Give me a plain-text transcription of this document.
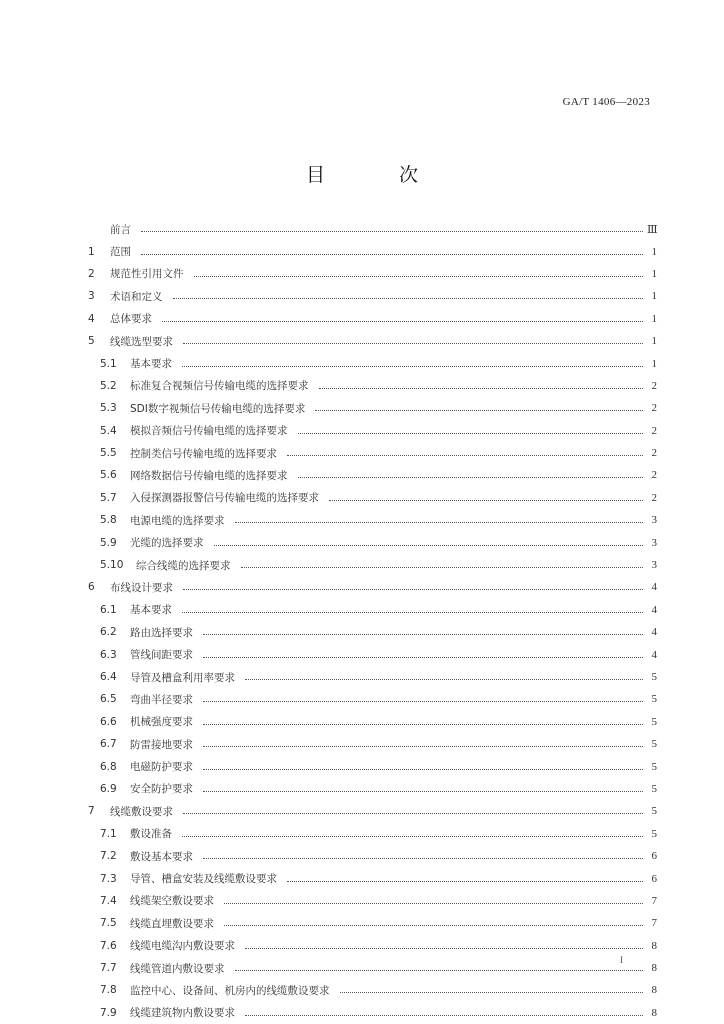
GA/T 1406—2023
目 次
前言	Ⅲ
1	范围	1
2	规范性引用文件	1
3	术语和定义	1
4	总体要求	1
5	线缆选型要求	1
5.1	基本要求	1
5.2	标准复合视频信号传输电缆的选择要求	2
5.3	SDI数字视频信号传输电缆的选择要求	2
5.4	模拟音频信号传输电缆的选择要求	2
5.5	控制类信号传输电缆的选择要求	2
5.6	网络数据信号传输电缆的选择要求	2
5.7	入侵探测器报警信号传输电缆的选择要求	2
5.8	电源电缆的选择要求	3
5.9	光缆的选择要求	3
5.10	综合线缆的选择要求	3
6	布线设计要求	4
6.1	基本要求	4
6.2	路由选择要求	4
6.3	管线间距要求	4
6.4	导管及槽盒利用率要求	5
6.5	弯曲半径要求	5
6.6	机械强度要求	5
6.7	防雷接地要求	5
6.8	电磁防护要求	5
6.9	安全防护要求	5
7	线缆敷设要求	5
7.1	敷设准备	5
7.2	敷设基本要求	6
7.3	导管、槽盒安装及线缆敷设要求	6
7.4	线缆架空敷设要求	7
7.5	线缆直埋敷设要求	7
7.6	线缆电缆沟内敷设要求	8
7.7	线缆管道内敷设要求	8
7.8	监控中心、设备间、机房内的线缆敷设要求	8
7.9	线缆建筑物内敷设要求	8
I
